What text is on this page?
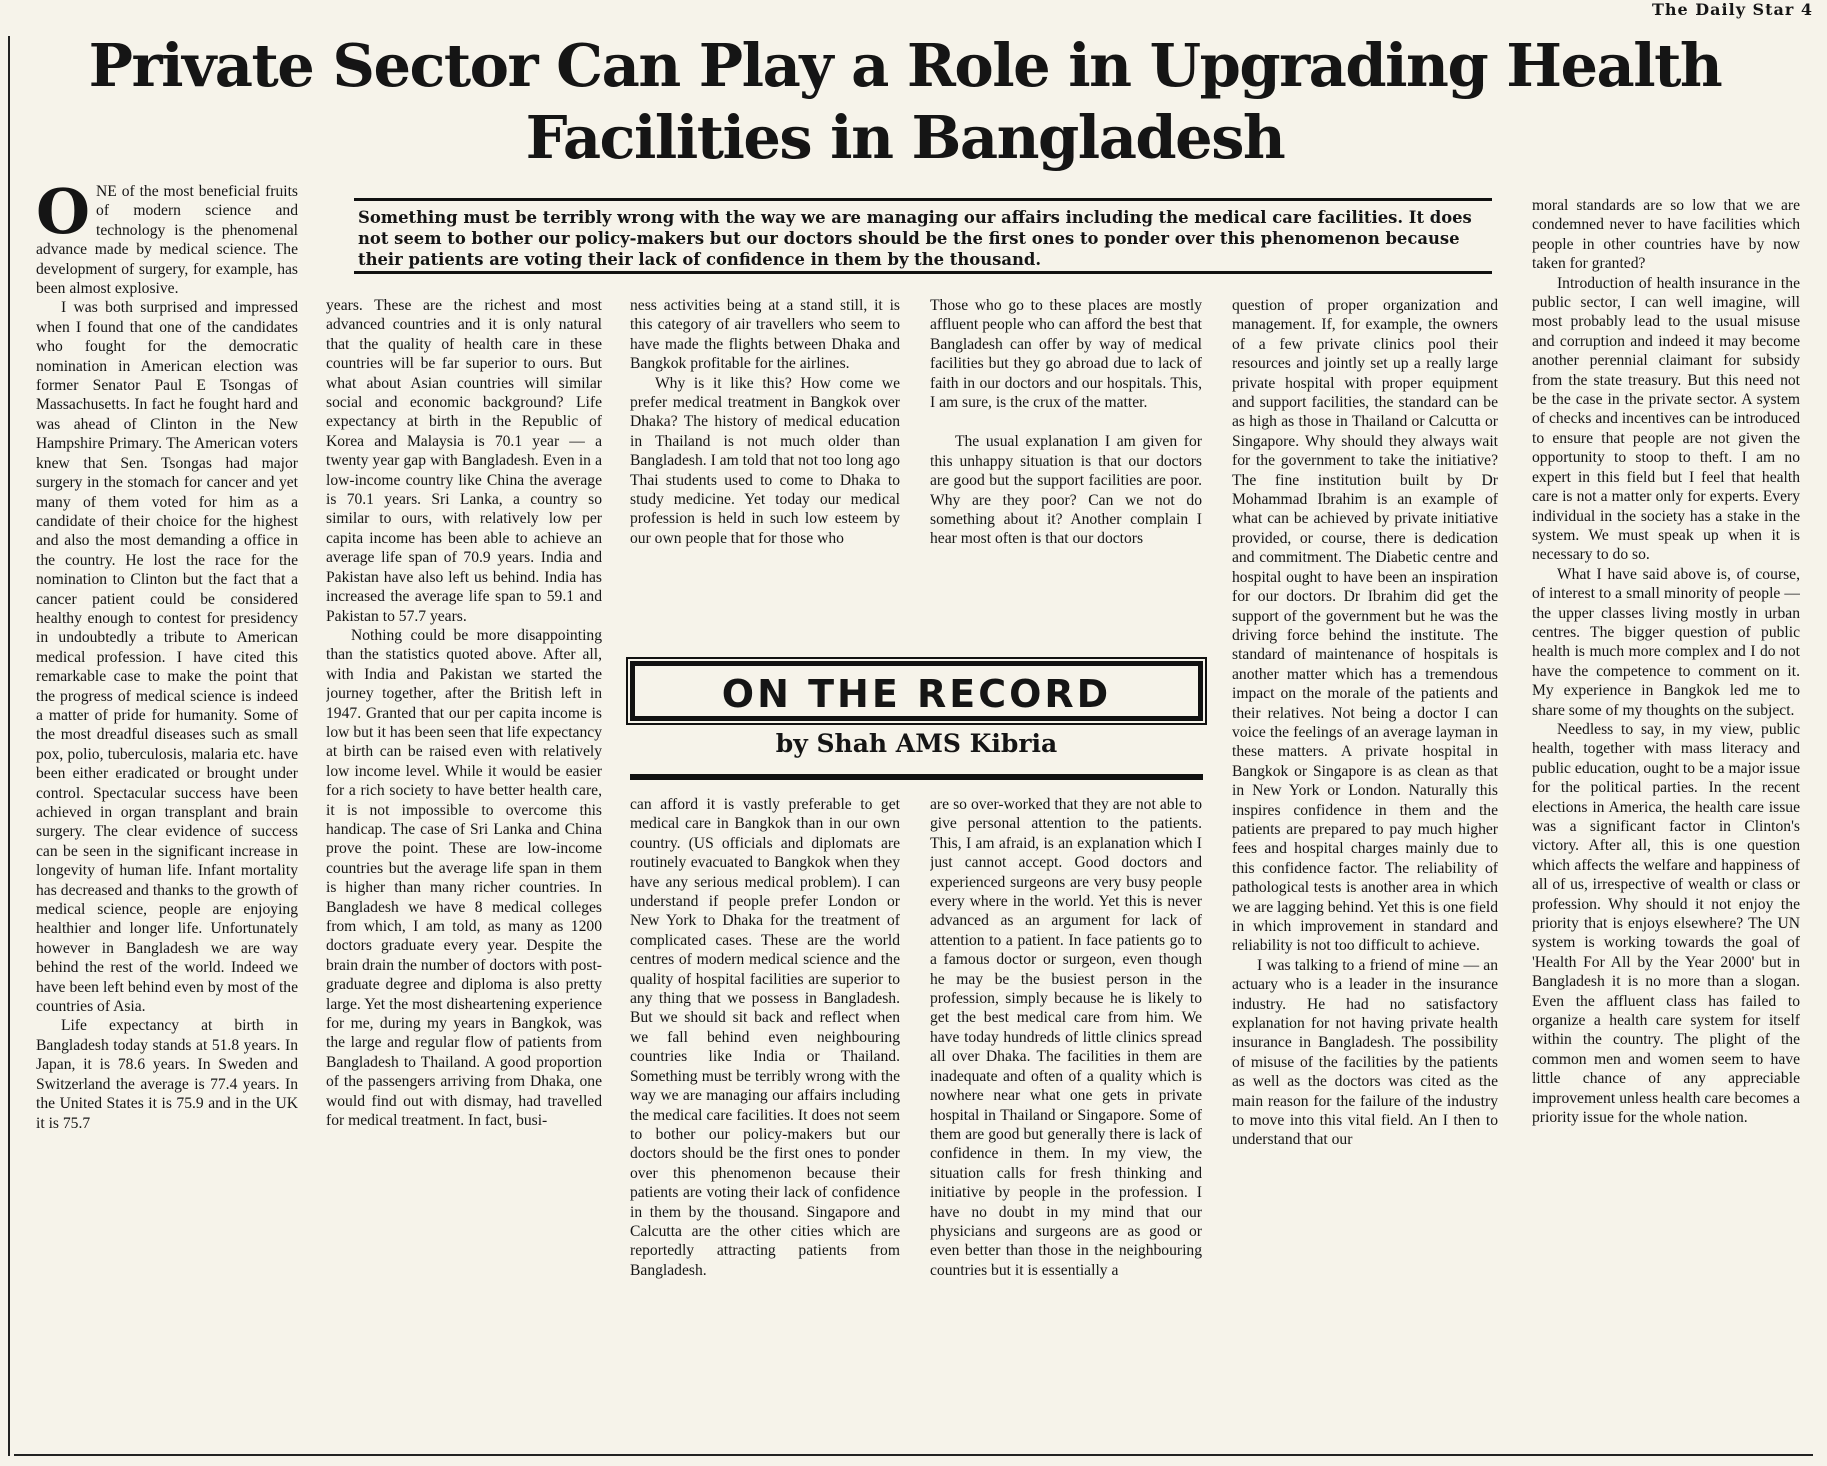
The Daily Star 4
Private Sector Can Play a Role in Upgrading Health Facilities in Bangladesh
Something must be terribly wrong with the way we are managing our affairs including the medical care facilities. It does not seem to bother our policy-makers but our doctors should be the first ones to ponder over this phenomenon because their patients are voting their lack of confidence in them by the thousand.

ONE of the most beneficial fruits of modern science and technology is the phenomenal advance made by medical science. The development of surgery, for example, has been almost explosive.

I was both surprised and impressed when I found that one of the candidates who fought for the democratic nomination in American election was former Senator Paul E Tsongas of Massachusetts. In fact he fought hard and was ahead of Clinton in the New Hampshire Primary. The American voters knew that Sen. Tsongas had major surgery in the stomach for cancer and yet many of them voted for him as a candidate of their choice for the highest and also the most demanding a office in the country. He lost the race for the nomination to Clinton but the fact that a cancer patient could be considered healthy enough to contest for presidency in undoubtedly a tribute to American medical profession. I have cited this remarkable case to make the point that the progress of medical science is indeed a matter of pride for humanity. Some of the most dreadful diseases such as small pox, polio, tuberculosis, malaria etc. have been either eradicated or brought under control. Spectacular success have been achieved in organ transplant and brain surgery. The clear evidence of success can be seen in the significant increase in longevity of human life. Infant mortality has decreased and thanks to the growth of medical science, people are enjoying healthier and longer life. Unfortunately however in Bangladesh we are way behind the rest of the world. Indeed we have been left behind even by most of the countries of Asia.

Life expectancy at birth in Bangladesh today stands at 51.8 years. In Japan, it is 78.6 years. In Sweden and Switzerland the average is 77.4 years. In the United States it is 75.9 and in the UK it is 75.7

years. These are the richest and most advanced countries and it is only natural that the quality of health care in these countries will be far superior to ours. But what about Asian countries will similar social and economic background? Life expectancy at birth in the Republic of Korea and Malaysia is 70.1 year — a twenty year gap with Bangladesh. Even in a low-income country like China the average is 70.1 years. Sri Lanka, a country so similar to ours, with relatively low per capita income has been able to achieve an average life span of 70.9 years. India and Pakistan have also left us behind. India has increased the average life span to 59.1 and Pakistan to 57.7 years.

Nothing could be more disappointing than the statistics quoted above. After all, with India and Pakistan we started the journey together, after the British left in 1947. Granted that our per capita income is low but it has been seen that life expectancy at birth can be raised even with relatively low income level. While it would be easier for a rich society to have better health care, it is not impossible to overcome this handicap. The case of Sri Lanka and China prove the point. These are low-income countries but the average life span in them is higher than many richer countries. In Bangladesh we have 8 medical colleges from which, I am told, as many as 1200 doctors graduate every year. Despite the brain drain the number of doctors with post-graduate degree and diploma is also pretty large. Yet the most disheartening experience for me, during my years in Bangkok, was the large and regular flow of patients from Bangladesh to Thailand. A good proportion of the passengers arriving from Dhaka, one would find out with dismay, had travelled for medical treatment. In fact, busi-

ness activities being at a stand still, it is this category of air travellers who seem to have made the flights between Dhaka and Bangkok profitable for the airlines.

Why is it like this? How come we prefer medical treatment in Bangkok over Dhaka? The history of medical education in Thailand is not much older than Bangladesh. I am told that not too long ago Thai students used to come to Dhaka to study medicine. Yet today our medical profession is held in such low esteem by our own people that for those who

Those who go to these places are mostly affluent people who can afford the best that Bangladesh can offer by way of medical facilities but they go abroad due to lack of faith in our doctors and our hospitals. This, I am sure, is the crux of the matter.

The usual explanation I am given for this unhappy situation is that our doctors are good but the support facilities are poor. Why are they poor? Can we not do something about it? Another complain I hear most often is that our doctors

ON THE RECORD
by Shah AMS Kibria

can afford it is vastly preferable to get medical care in Bangkok than in our own country. (US officials and diplomats are routinely evacuated to Bangkok when they have any serious medical problem). I can understand if people prefer London or New York to Dhaka for the treatment of complicated cases. These are the world centres of modern medical science and the quality of hospital facilities are superior to any thing that we possess in Bangladesh. But we should sit back and reflect when we fall behind even neighbouring countries like India or Thailand. Something must be terribly wrong with the way we are managing our affairs including the medical care facilities. It does not seem to bother our policy-makers but our doctors should be the first ones to ponder over this phenomenon because their patients are voting their lack of confidence in them by the thousand. Singapore and Calcutta are the other cities which are reportedly attracting patients from Bangladesh.

are so over-worked that they are not able to give personal attention to the patients. This, I am afraid, is an explanation which I just cannot accept. Good doctors and experienced surgeons are very busy people every where in the world. Yet this is never advanced as an argument for lack of attention to a patient. In face patients go to a famous doctor or surgeon, even though he may be the busiest person in the profession, simply because he is likely to get the best medical care from him. We have today hundreds of little clinics spread all over Dhaka. The facilities in them are inadequate and often of a quality which is nowhere near what one gets in private hospital in Thailand or Singapore. Some of them are good but generally there is lack of confidence in them. In my view, the situation calls for fresh thinking and initiative by people in the profession. I have no doubt in my mind that our physicians and surgeons are as good or even better than those in the neighbouring countries but it is essentially a

question of proper organization and management. If, for example, the owners of a few private clinics pool their resources and jointly set up a really large private hospital with proper equipment and support facilities, the standard can be as high as those in Thailand or Calcutta or Singapore. Why should they always wait for the government to take the initiative? The fine institution built by Dr Mohammad Ibrahim is an example of what can be achieved by private initiative provided, or course, there is dedication and commitment. The Diabetic centre and hospital ought to have been an inspiration for our doctors. Dr Ibrahim did get the support of the government but he was the driving force behind the institute. The standard of maintenance of hospitals is another matter which has a tremendous impact on the morale of the patients and their relatives. Not being a doctor I can voice the feelings of an average layman in these matters. A private hospital in Bangkok or Singapore is as clean as that in New York or London. Naturally this inspires confidence in them and the patients are prepared to pay much higher fees and hospital charges mainly due to this confidence factor. The reliability of pathological tests is another area in which we are lagging behind. Yet this is one field in which improvement in standard and reliability is not too difficult to achieve.

I was talking to a friend of mine — an actuary who is a leader in the insurance industry. He had no satisfactory explanation for not having private health insurance in Bangladesh. The possibility of misuse of the facilities by the patients as well as the doctors was cited as the main reason for the failure of the industry to move into this vital field. An I then to understand that our

moral standards are so low that we are condemned never to have facilities which people in other countries have by now taken for granted?

Introduction of health insurance in the public sector, I can well imagine, will most probably lead to the usual misuse and corruption and indeed it may become another perennial claimant for subsidy from the state treasury. But this need not be the case in the private sector. A system of checks and incentives can be introduced to ensure that people are not given the opportunity to stoop to theft. I am no expert in this field but I feel that health care is not a matter only for experts. Every individual in the society has a stake in the system. We must speak up when it is necessary to do so.

What I have said above is, of course, of interest to a small minority of people — the upper classes living mostly in urban centres. The bigger question of public health is much more complex and I do not have the competence to comment on it. My experience in Bangkok led me to share some of my thoughts on the subject.

Needless to say, in my view, public health, together with mass literacy and public education, ought to be a major issue for the political parties. In the recent elections in America, the health care issue was a significant factor in Clinton's victory. After all, this is one question which affects the welfare and happiness of all of us, irrespective of wealth or class or profession. Why should it not enjoy the priority that is enjoys elsewhere? The UN system is working towards the goal of 'Health For All by the Year 2000' but in Bangladesh it is no more than a slogan. Even the affluent class has failed to organize a health care system for itself within the country. The plight of the common men and women seem to have little chance of any appreciable improvement unless health care becomes a priority issue for the whole nation.
